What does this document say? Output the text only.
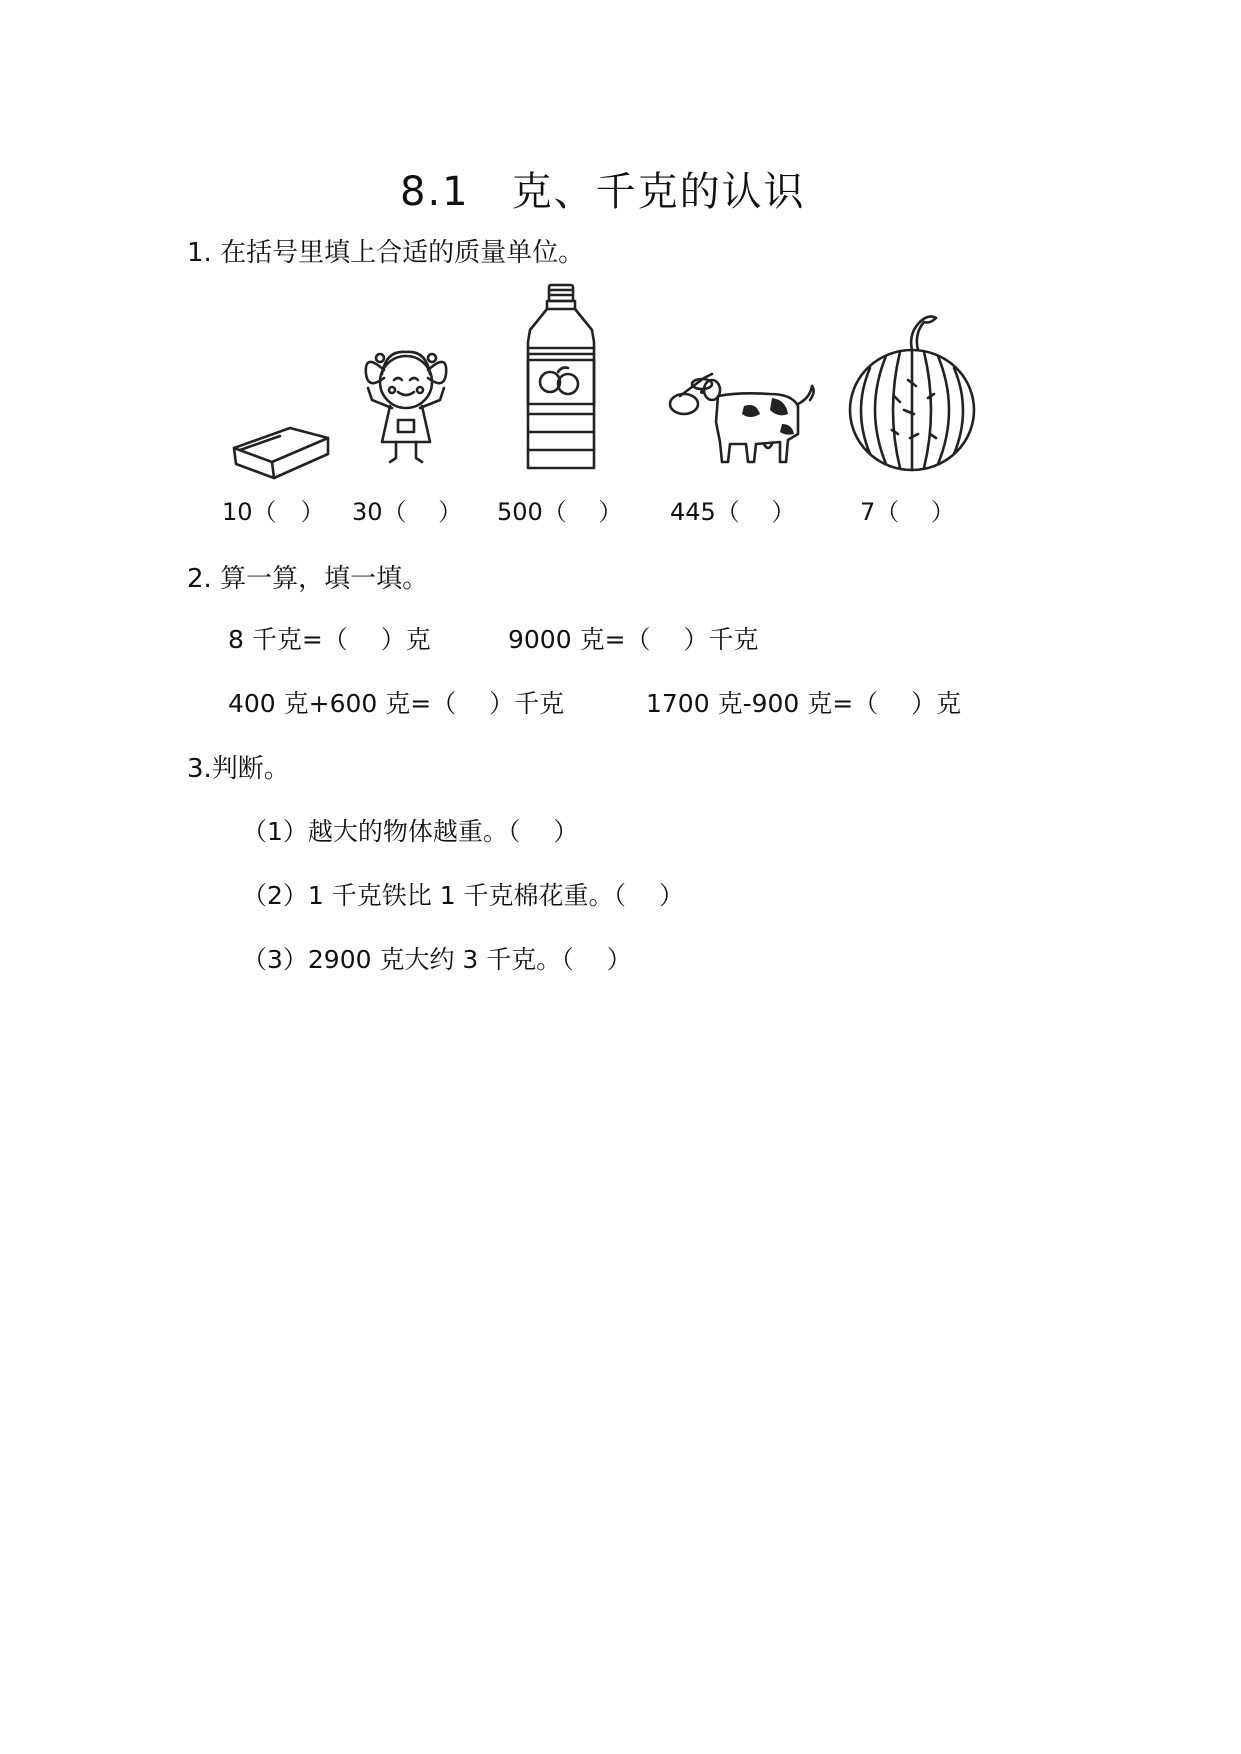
8.1　克、千克的认识
1. 在括号里填上合适的质量单位。
10（　） 30（　 ） 500（　 ） 445（　 ）	7（　 ）
2. 算一算，填一填。
8 千克=（　 ）克	9000 克=（　 ）千克
400 克+600 克=（　 ）千克	1700 克-900 克=（　 ）克
3.判断。
（1）越大的物体越重。（　 ）
（2）1 千克铁比 1 千克棉花重。（　 ）
（3）2900 克大约 3 千克。（　 ）
